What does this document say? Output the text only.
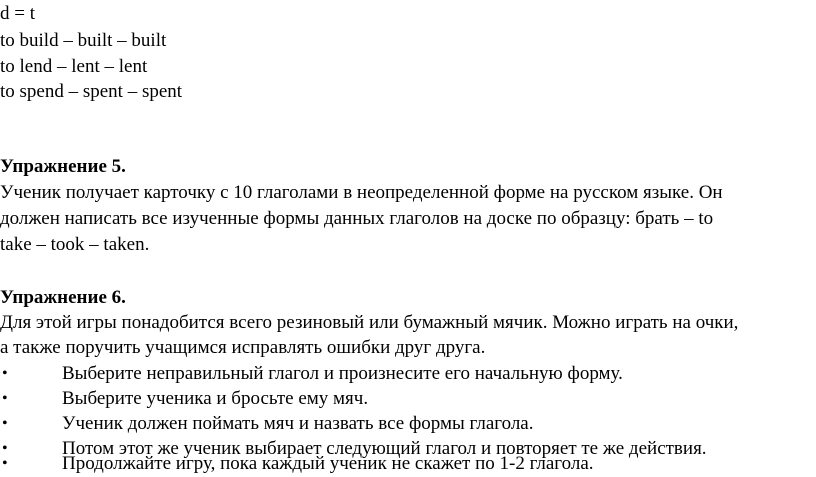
d = t
to build – built – built
to lend – lent – lent
to spend – spent – spent
Упражнение 5.
Ученик получает карточку с 10 глаголами в неопределенной форме на русском языке. Он
должен написать все изученные формы данных глаголов на доске по образцу: брать – to
take – took – taken.
Упражнение 6.
Для этой игры понадобится всего резиновый или бумажный мячик. Можно играть на очки,
а также поручить учащимся исправлять ошибки друг друга.
•	Выберите неправильный глагол и произнесите его начальную форму.
•	Выберите ученика и бросьте ему мяч.
•	Ученик должен поймать мяч и назвать все формы глагола.
•	Потом этот же ученик выбирает следующий глагол и повторяет те же действия.
•	Продолжайте игру, пока каждый ученик не скажет по 1-2 глагола.
